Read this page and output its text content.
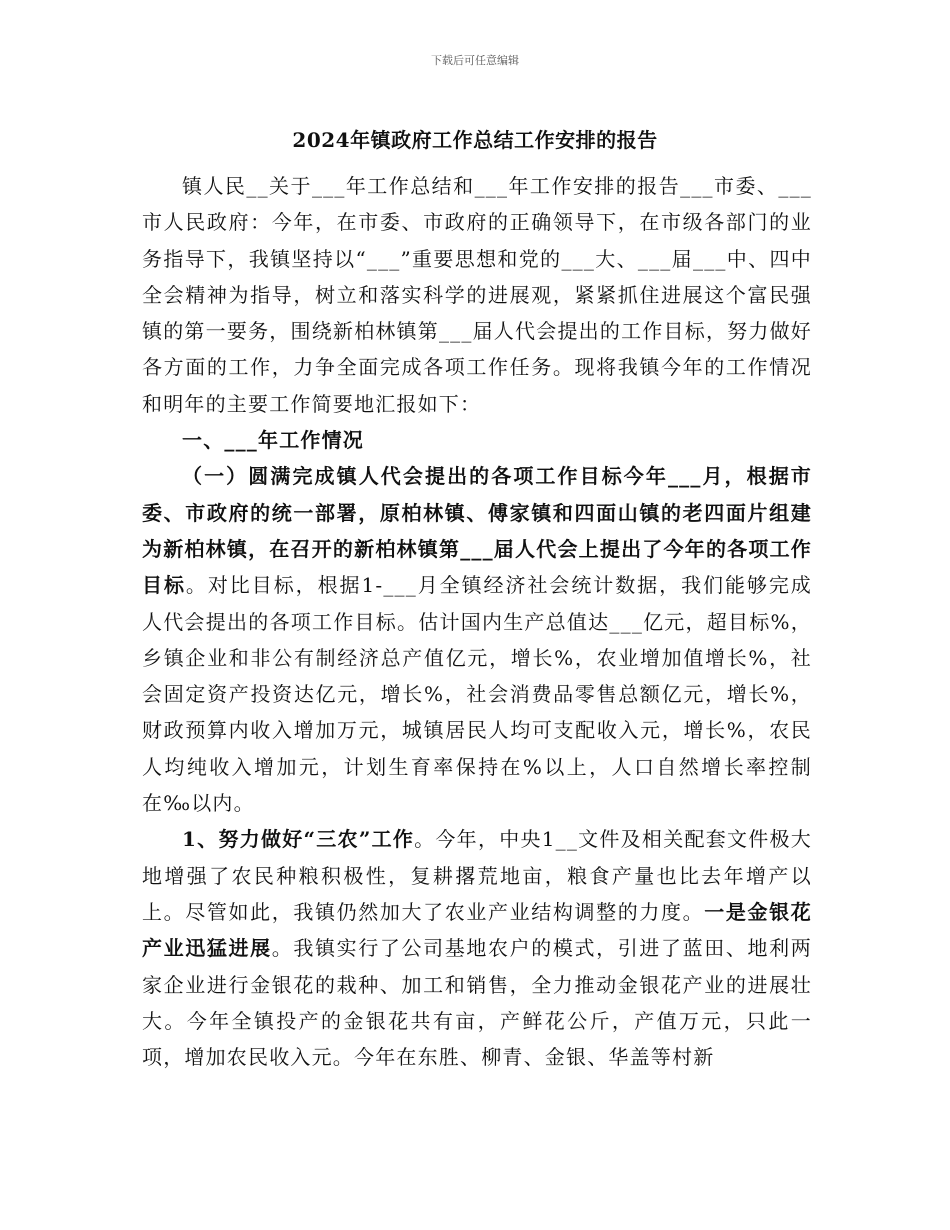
下载后可任意编辑
2024年镇政府工作总结工作安排的报告

镇人民__关于___年工作总结和___年工作安排的报告___市委、___市人民政府：今年，在市委、市政府的正确领导下，在市级各部门的业务指导下，我镇坚持以“___”重要思想和党的___大、___届___中、四中全会精神为指导，树立和落实科学的进展观，紧紧抓住进展这个富民强镇的第一要务，围绕新柏林镇第___届人代会提出的工作目标，努力做好各方面的工作，力争全面完成各项工作任务。现将我镇今年的工作情况和明年的主要工作简要地汇报如下：

一、___年工作情况

（一）圆满完成镇人代会提出的各项工作目标今年___月，根据市委、市政府的统一部署，原柏林镇、傅家镇和四面山镇的老四面片组建为新柏林镇，在召开的新柏林镇第___届人代会上提出了今年的各项工作目标。对比目标，根据1-___月全镇经济社会统计数据，我们能够完成人代会提出的各项工作目标。估计国内生产总值达___亿元，超目标%，乡镇企业和非公有制经济总产值亿元，增长%，农业增加值增长%，社会固定资产投资达亿元，增长%，社会消费品零售总额亿元，增长%，财政预算内收入增加万元，城镇居民人均可支配收入元，增长%，农民人均纯收入增加元，计划生育率保持在%以上，人口自然增长率控制在‰以内。

1、努力做好“三农”工作。今年，中央1__文件及相关配套文件极大地增强了农民种粮积极性，复耕撂荒地亩，粮食产量也比去年增产以上。尽管如此，我镇仍然加大了农业产业结构调整的力度。一是金银花产业迅猛进展。我镇实行了公司基地农户的模式，引进了蓝田、地利两家企业进行金银花的栽种、加工和销售，全力推动金银花产业的进展壮大。今年全镇投产的金银花共有亩，产鲜花公斤，产值万元，只此一项，增加农民收入元。今年在东胜、柳青、金银、华盖等村新
